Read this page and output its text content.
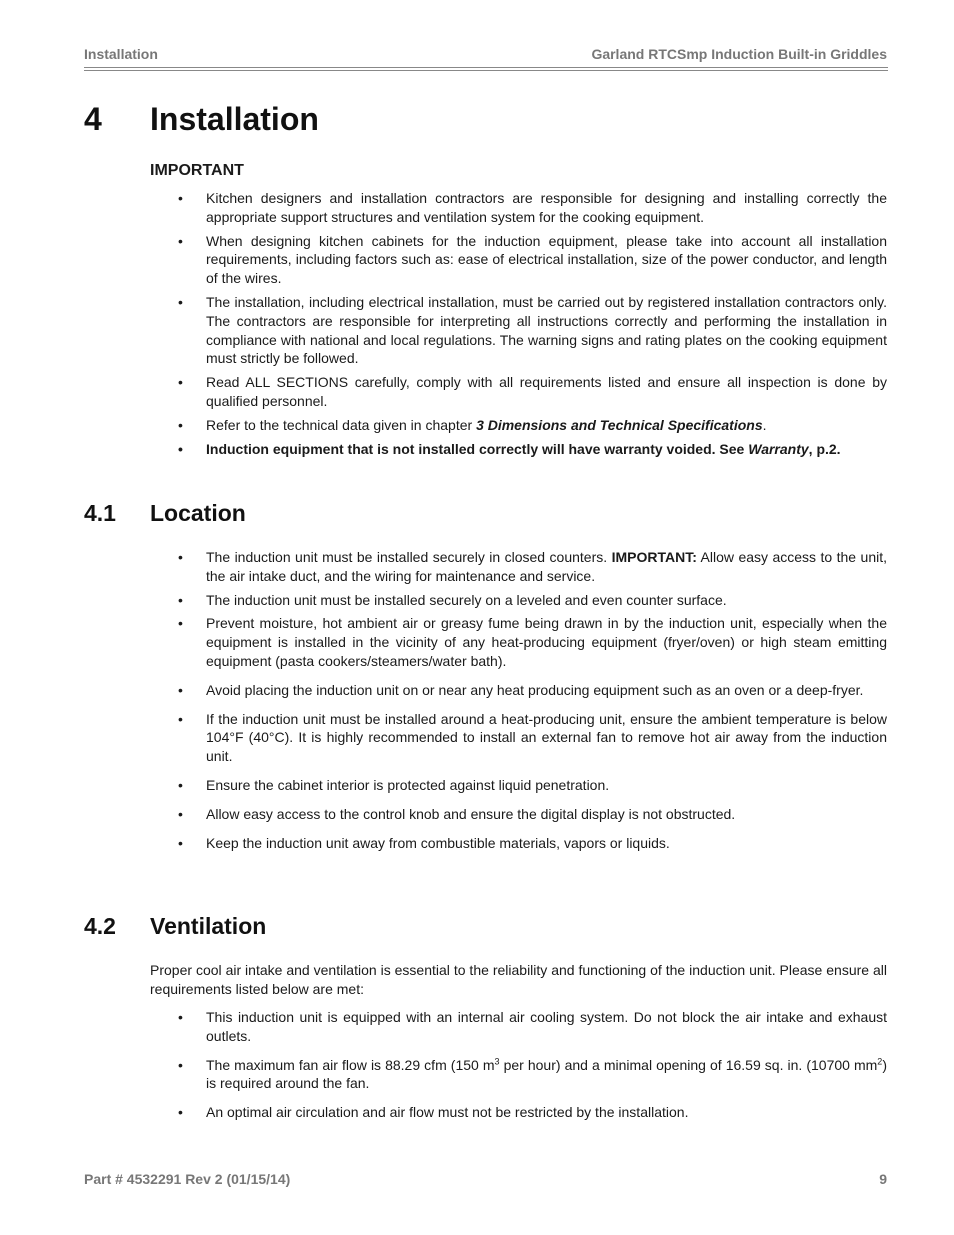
Installation	Garland RTCSmp Induction Built-in Griddles
4 Installation
IMPORTANT
• Kitchen designers and installation contractors are responsible for designing and installing correctly the appropriate support structures and ventilation system for the cooking equipment.
• When designing kitchen cabinets for the induction equipment, please take into account all installation requirements, including factors such as: ease of electrical installation, size of the power conductor, and length of the wires.
• The installation, including electrical installation, must be carried out by registered installation contractors only. The contractors are responsible for interpreting all instructions correctly and performing the installation in compliance with national and local regulations. The warning signs and rating plates on the cooking equipment must strictly be followed.
• Read ALL SECTIONS carefully, comply with all requirements listed and ensure all inspection is done by qualified personnel.
• Refer to the technical data given in chapter 3 Dimensions and Technical Specifications.
• Induction equipment that is not installed correctly will have warranty voided. See Warranty, p.2.
4.1 Location
• The induction unit must be installed securely in closed counters. IMPORTANT: Allow easy access to the unit, the air intake duct, and the wiring for maintenance and service.
• The induction unit must be installed securely on a leveled and even counter surface.
• Prevent moisture, hot ambient air or greasy fume being drawn in by the induction unit, especially when the equipment is installed in the vicinity of any heat-producing equipment (fryer/oven) or high steam emitting equipment (pasta cookers/steamers/water bath).
• Avoid placing the induction unit on or near any heat producing equipment such as an oven or a deep-fryer.
• If the induction unit must be installed around a heat-producing unit, ensure the ambient temperature is below 104°F (40°C). It is highly recommended to install an external fan to remove hot air away from the induction unit.
• Ensure the cabinet interior is protected against liquid penetration.
• Allow easy access to the control knob and ensure the digital display is not obstructed.
• Keep the induction unit away from combustible materials, vapors or liquids.
4.2 Ventilation
Proper cool air intake and ventilation is essential to the reliability and functioning of the induction unit. Please ensure all requirements listed below are met:
• This induction unit is equipped with an internal air cooling system. Do not block the air intake and exhaust outlets.
• The maximum fan air flow is 88.29 cfm (150 $m^3$ per hour) and a minimal opening of 16.59 sq. in. (10700 $mm^2$) is required around the fan.
• An optimal air circulation and air flow must not be restricted by the installation.
Part # 4532291 Rev 2 (01/15/14)	9
